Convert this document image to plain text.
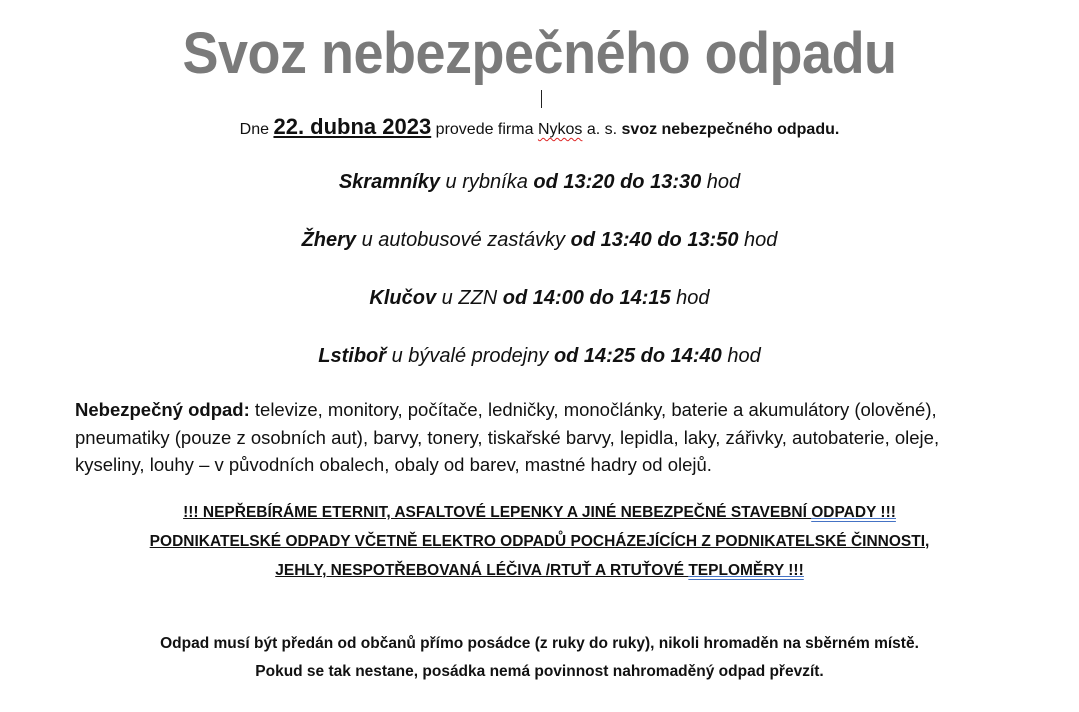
Svoz nebezpečného odpadu
Dne 22. dubna 2023 provede firma Nykos a. s. svoz nebezpečného odpadu.
Skramníky u rybníka od 13:20 do 13:30 hod
Žhery u autobusové zastávky od 13:40 do 13:50 hod
Klučov u ZZN od 14:00 do 14:15 hod
Lstiboř u bývalé prodejny od 14:25 do 14:40 hod

Nebezpečný odpad: televize, monitory, počítače, ledničky, monočlánky, baterie a akumulátory (olověné), pneumatiky (pouze z osobních aut), barvy, tonery, tiskařské barvy, lepidla, laky, zářivky, autobaterie, oleje, kyseliny, louhy – v původních obalech, obaly od barev, mastné hadry od olejů.

!!! NEPŘEBÍRÁME ETERNIT, ASFALTOVÉ LEPENKY A JINÉ NEBEZPEČNÉ STAVEBNÍ ODPADY !!!
PODNIKATELSKÉ ODPADY VČETNĚ ELEKTRO ODPADŮ POCHÁZEJÍCÍCH Z PODNIKATELSKÉ ČINNOSTI,
JEHLY, NESPOTŘEBOVANÁ LÉČIVA /RTUŤ A RTUŤOVÉ TEPLOMĚRY !!!
Odpad musí být předán od občanů přímo posádce (z ruky do ruky), nikoli hromaděn na sběrném místě.
Pokud se tak nestane, posádka nemá povinnost nahromaděný odpad převzít.
